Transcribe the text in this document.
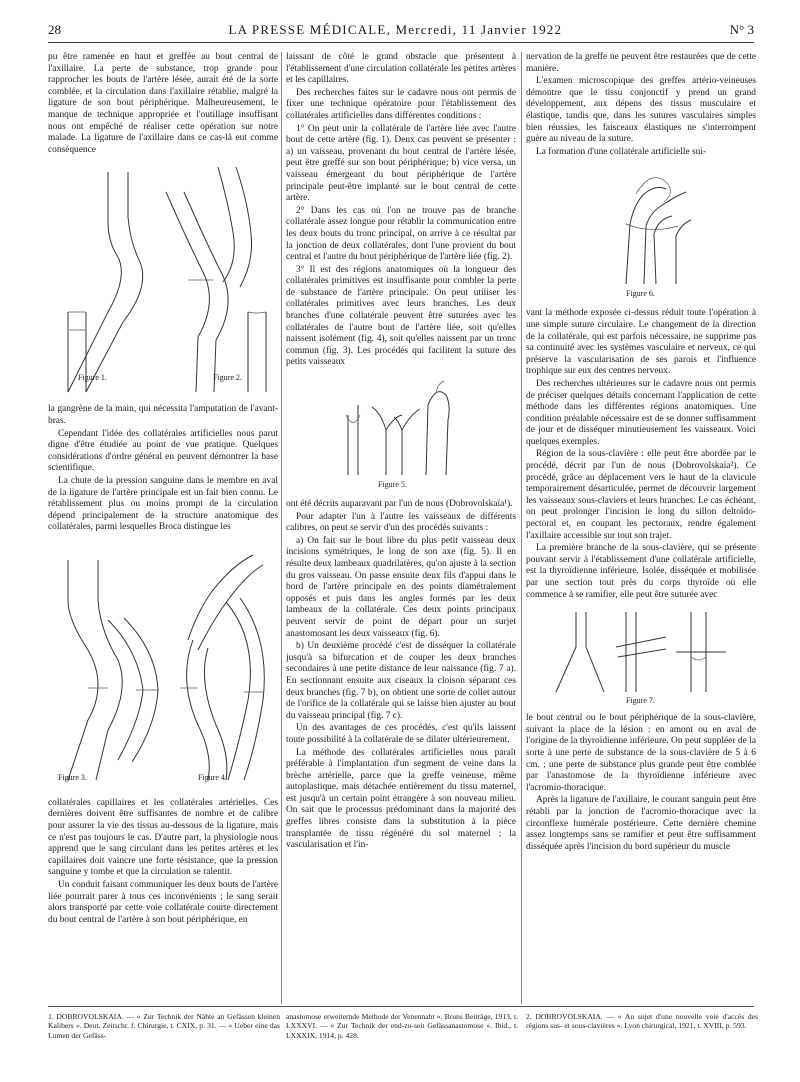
28	LA PRESSE MÉDICALE, Mercredi, 11 Janvier 1922	N° 3

pu être ramenée en haut et greffée au bout central de l'axillaire. La perte de substance, trop grande pour rapprocher les bouts de l'artère lésée, aurait été de la sorte comblée, et la circulation dans l'axillaire rétablie, malgré la ligature de son bout périphérique. Malheureusement, le manque de technique appropriée et l'outillage insuffisant nous ont empêché de réaliser cette opération sur notre malade. La ligature de l'axillaire dans ce cas-là eut comme conséquence

Figure 1.	Figure 2.

la gangrène de la main, qui nécessita l'amputation de l'avant-bras.

Cependant l'idée des collatérales artificielles nous parut digne d'être étudiée au point de vue pratique. Quelques considérations d'ordre général en peuvent démontrer la base scientifique.

La chute de la pression sanguine dans le membre en aval de la ligature de l'artère principale est un fait bien connu. Le rétablissement plus ou moins prompt de la circulation dépend principalement de la structure anatomique des collatérales, parmi lesquelles Broca distingue les

Figure 3.	Figure 4.

collatérales capillaires et les collatérales artérielles. Ces dernières doivent être suffisantes de nombre et de calibre pour assurer la vie des tissus au-dessous de la ligature, mais ce n'est pas toujours le cas. D'autre part, la physiologie nous apprend que le sang circulant dans les petites artères et les capillaires doit vaincre une forte résistance, que la pression sanguine y tombe et que la circulation se ralentit.

Un conduit faisant communiquer les deux bouts de l'artère liée pourrait parer à tous ces inconvénients ; le sang serait alors transporté par cette voie collatérale courte directement du bout central de l'artère à son bout périphérique, en

laissant de côté le grand obstacle que présentent à l'établissement d'une circulation collatérale les petites artères et les capillaires.

Des recherches faites sur le cadavre nous ont permis de fixer une technique opératoire pour l'établissement des collatérales artificielles dans différentes conditions :

1° On peut unir la collatérale de l'artère liée avec l'autre bout de cette artère (fig. 1). Deux cas peuvent se présenter : a) un vaisseau, provenant du bout central de l'artère lésée, peut être greffé sur son bout périphérique; b) vice versa, un vaisseau émergeant du bout périphérique de l'artère principale peut-être implanté sur le bout central de cette artère.

2° Dans les cas où l'on ne trouve pas de branche collatérale assez longue pour rétablir la communication entre les deux bouts du tronc principal, on arrive à ce résultat par la jonction de deux collatérales, dont l'une provient du bout central et l'autre du bout périphérique de l'artère liée (fig. 2).

3° Il est des régions anatomiques où la longueur des collatérales primitives est insuffisante pour combler la perte de substance de l'artère principale. On peut utiliser les collatérales primitives avec leurs branches. Les deux branches d'une collatérale peuvent être suturées avec les collatérales de l'autre bout de l'artère liée, soit qu'elles naissent isolément (fig. 4), soit qu'elles naissent par un tronc commun (fig. 3). Les procédés qui facilitent la suture des petits vaisseaux

Figure 5.

ont été décrits auparavant par l'un de nous (Dobrovolskaïa¹).

Pour adapter l'un à l'autre les vaisseaux de différents calibres, on peut se servir d'un des procédés suivants :

a) On fait sur le bout libre du plus petit vaisseau deux incisions symétriques, le long de son axe (fig. 5). Il en résulte deux lambeaux quadrilatères, qu'on ajuste à la section du gros vaisseau. On passe ensuite deux fils d'appui dans le bord de l'artère principale en des points diamétralement opposés et puis dans les angles formés par les deux lambeaux de la collatérale. Ces deux points principaux peuvent servir de point de départ pour un surjet anastomosant les deux vaisseaux (fig. 6).

b) Un deuxième procédé c'est de disséquer la collatérale jusqu'à sa bifurcation et de couper les deux branches secondaires à une petite distance de leur naissance (fig. 7 a). En sectionnant ensuite aux ciseaux la cloison séparant ces deux branches (fig. 7 b), on obtient une sorte de collet autour de l'orifice de la collatérale qui se laisse bien ajuster au bout du vaisseau principal (fig. 7 c).

Un des avantages de ces procédés, c'est qu'ils laissent toute possibilité à la collatérale de se dilater ultérieurement.

La méthode des collatérales artificielles nous paraît préférable à l'implantation d'un segment de veine dans la brèche artérielle, parce que la greffe veineuse, même autoplastique, mais détachée entièrement du tissu maternel, est jusqu'à un certain point étrangère à son nouveau milieu. On sait que le processus prédominant dans la majorité des greffes libres consiste dans la substitution à la pièce transplantée de tissu régénéré du sol maternel ; la vascularisation et l'in-

nervation de la greffe ne peuvent être restaurées que de cette manière.

L'examen microscopique des greffes artério-veineuses démontre que le tissu conjonctif y prend un grand développement, aux dépens des tissus musculaire et élastique, tandis que, dans les sutures vasculaires simples bien réussies, les faisceaux élastiques ne s'interrompent guère au niveau de la suture.

La formation d'une collatérale artificielle sui-

Figure 6.

vant la méthode exposée ci-dessus réduit toute l'opération à une simple suture circulaire. Le changement de la direction de la collatérale, qui est parfois nécessaire, ne supprime pas sa continuité avec les systèmes vasculaire et nerveux, ce qui préserve la vascularisation de ses parois et l'influence trophique sur eux des centres nerveux.

Des recherches ultérieures sur le cadavre nous ont permis de préciser quelques détails concernant l'application de cette méthode dans les différentes régions anatomiques. Une condition préalable nécessaire est de se donner suffisamment de jour et de disséquer minutieusement les vaisseaux. Voici quelques exemples.

Région de la sous-clavière : elle peut être abordée par le procédé, décrit par l'un de nous (Dobrovolskaïa²). Ce procédé, grâce au déplacement vers le haut de la clavicule temporairement désarticulée, permet de découvrir largement les vaisseaux sous-claviers et leurs branches. Le cas échéant, on peut prolonger l'incision le long du sillon deltoïdo-pectoral et, en coupant les pectoraux, rendre également l'axillaire accessible sur tout son trajet.

La première branche de la sous-clavière, qui se présente pouvant servir à l'établissement d'une collatérale artificielle, est la thyroïdienne inférieure. Isolée, disséquée et mobilisée par une section tout près du corps thyroïde où elle commence à se ramifier, elle peut être suturée avec

Figure 7.

le bout central ou le bout périphérique de la sous-clavière, suivant la place de la lésion : en amont ou en aval de l'origine de la thyroïdienne inférieure. On peut suppléer de la sorte à une perte de substance de la sous-clavière de 5 à 6 cm. ; une perte de substance plus grande peut être comblée par l'anastomose de la thyroïdienne inférieure avec l'acromio-thoracique.

Après la ligature de l'axillaire, le courant sanguin peut être rétabli par la jonction de l'acromio-thoracique avec la circonflexe humérale postérieure. Cette dernière chemine assez longtemps sans se ramifier et peut être suffisamment disséquée après l'incision du bord supérieur du muscle

1. DOBROVOLSKAIA. — « Zur Technik der Nähte an Gefässen kleinen Kalibers ». Deut. Zeitschr. f. Chirurgie, t. CXIX, p. 31. — « Ueber eine das Lumen der Gefäss-
anastomose erweiternde Methode der Venennaht ». Bruns Beiträge, 1913, t. LXXXVI. — « Zur Technik der end-zu-seit Gefässanastomose ». Ibid., t. LXXXIX, 1914, p. 428.
2. DOBROVOLSKAIA. — « Au sujet d'une nouvelle voie d'accès des régions sus- et sous-clavières ». Lyon chirurgical, 1921, t. XVIII, p. 593.
